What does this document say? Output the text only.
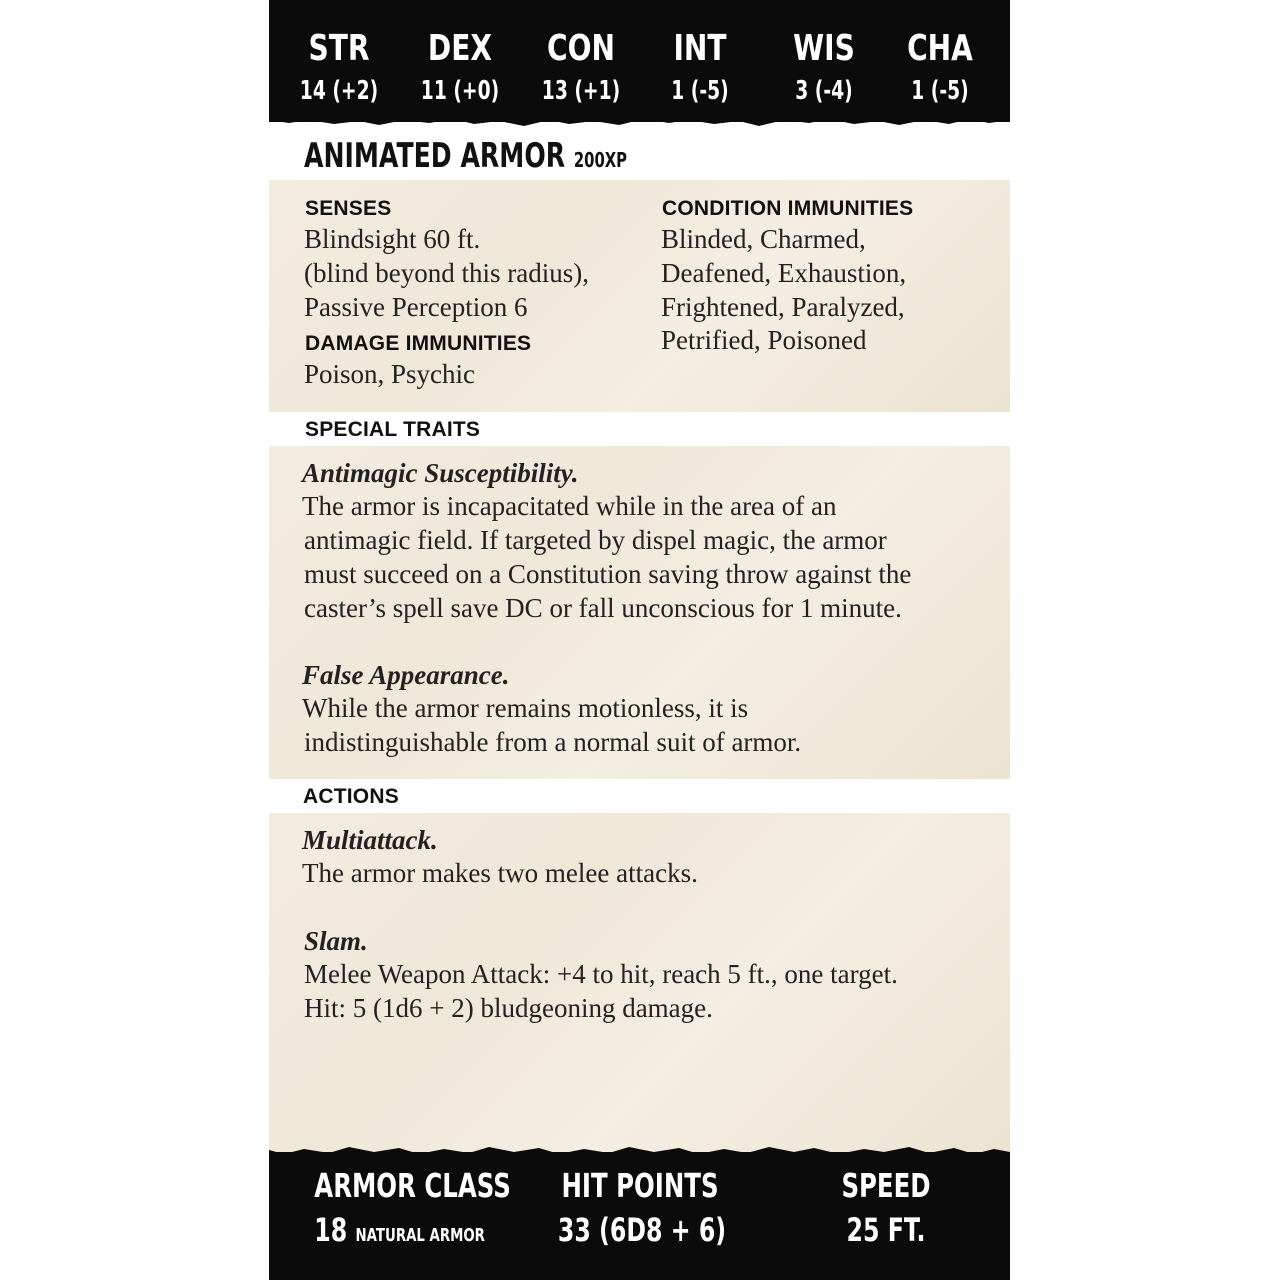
STR
14 (+2)
DEX
11 (+0)
CON
13 (+1)
INT
1 (-5)
WIS
3 (-4)
CHA
1 (-5)
ANIMATED ARMOR 200XP
SENSES
Blindsight 60 ft.
(blind beyond this radius),
Passive Perception 6
DAMAGE IMMUNITIES
Poison, Psychic
CONDITION IMMUNITIES
Blinded, Charmed,
Deafened, Exhaustion,
Frightened, Paralyzed,
Petrified, Poisoned
SPECIAL TRAITS
Antimagic Susceptibility.
The armor is incapacitated while in the area of an
antimagic field. If targeted by dispel magic, the armor
must succeed on a Constitution saving throw against the
caster’s spell save DC or fall unconscious for 1 minute.
False Appearance.
While the armor remains motionless, it is
indistinguishable from a normal suit of armor.
ACTIONS
Multiattack.
The armor makes two melee attacks.
Slam.
Melee Weapon Attack: +4 to hit, reach 5 ft., one target.
Hit: 5 (1d6 + 2) bludgeoning damage.
ARMOR CLASS
18 NATURAL ARMOR
HIT POINTS
33 (6D8 + 6)
SPEED
25 FT.
